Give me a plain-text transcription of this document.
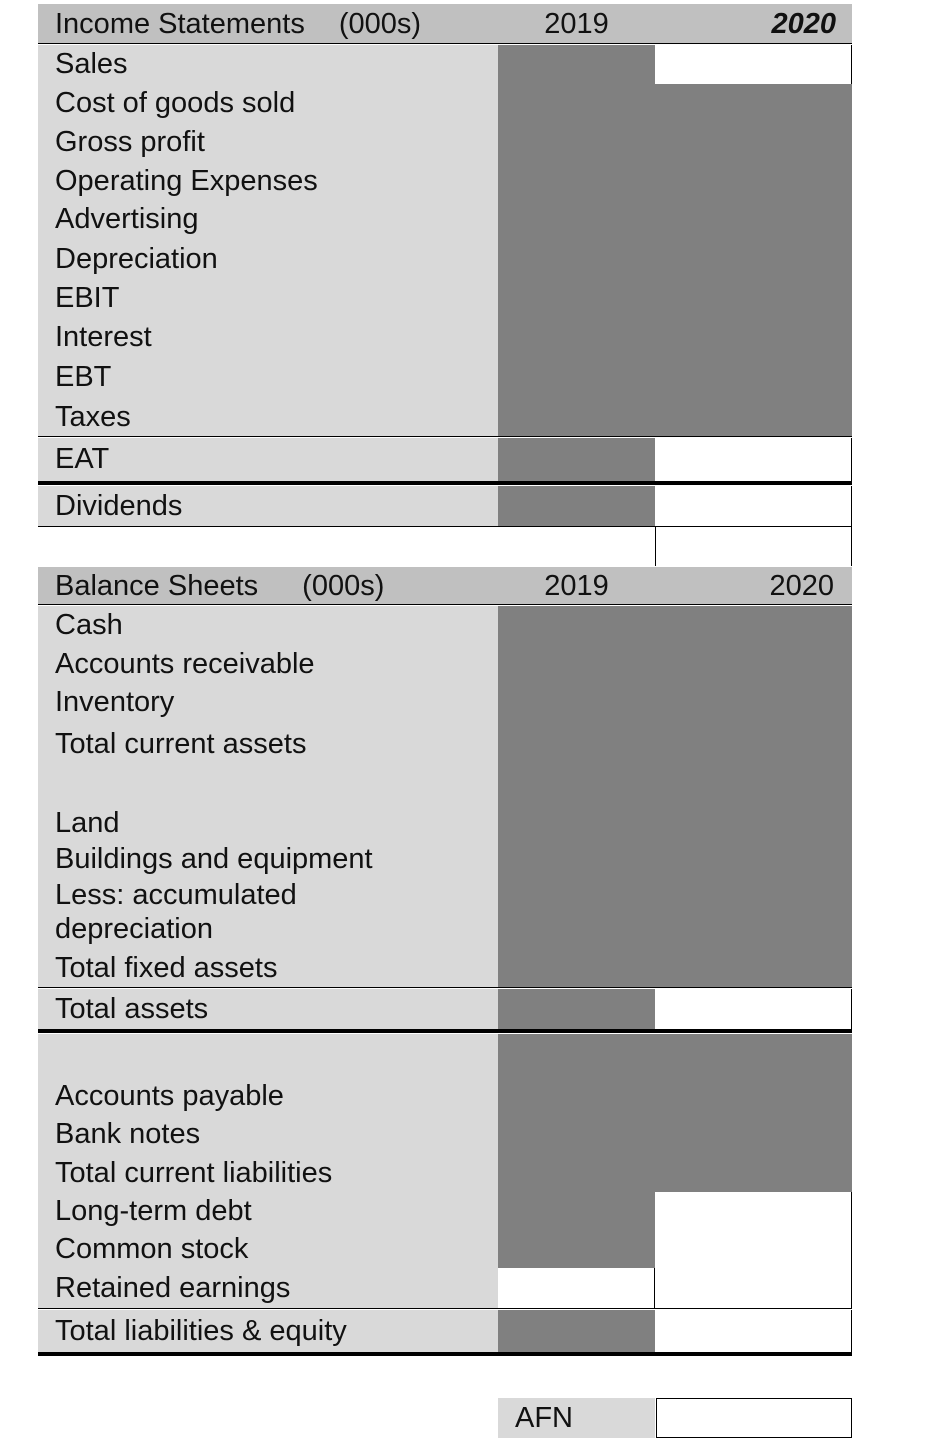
Income Statements (000s)	2019	2020
Sales
Cost of goods sold
Gross profit
Operating Expenses
Advertising
Depreciation
EBIT
Interest
EBT
Taxes
EAT
Dividends
Balance Sheets (000s)	2019	2020
Cash
Accounts receivable
Inventory
Total current assets
Land
Buildings and equipment
Less: accumulated depreciation
Total fixed assets
Total assets
Accounts payable
Bank notes
Total current liabilities
Long-term debt
Common stock
Retained earnings
Total liabilities & equity
AFN
